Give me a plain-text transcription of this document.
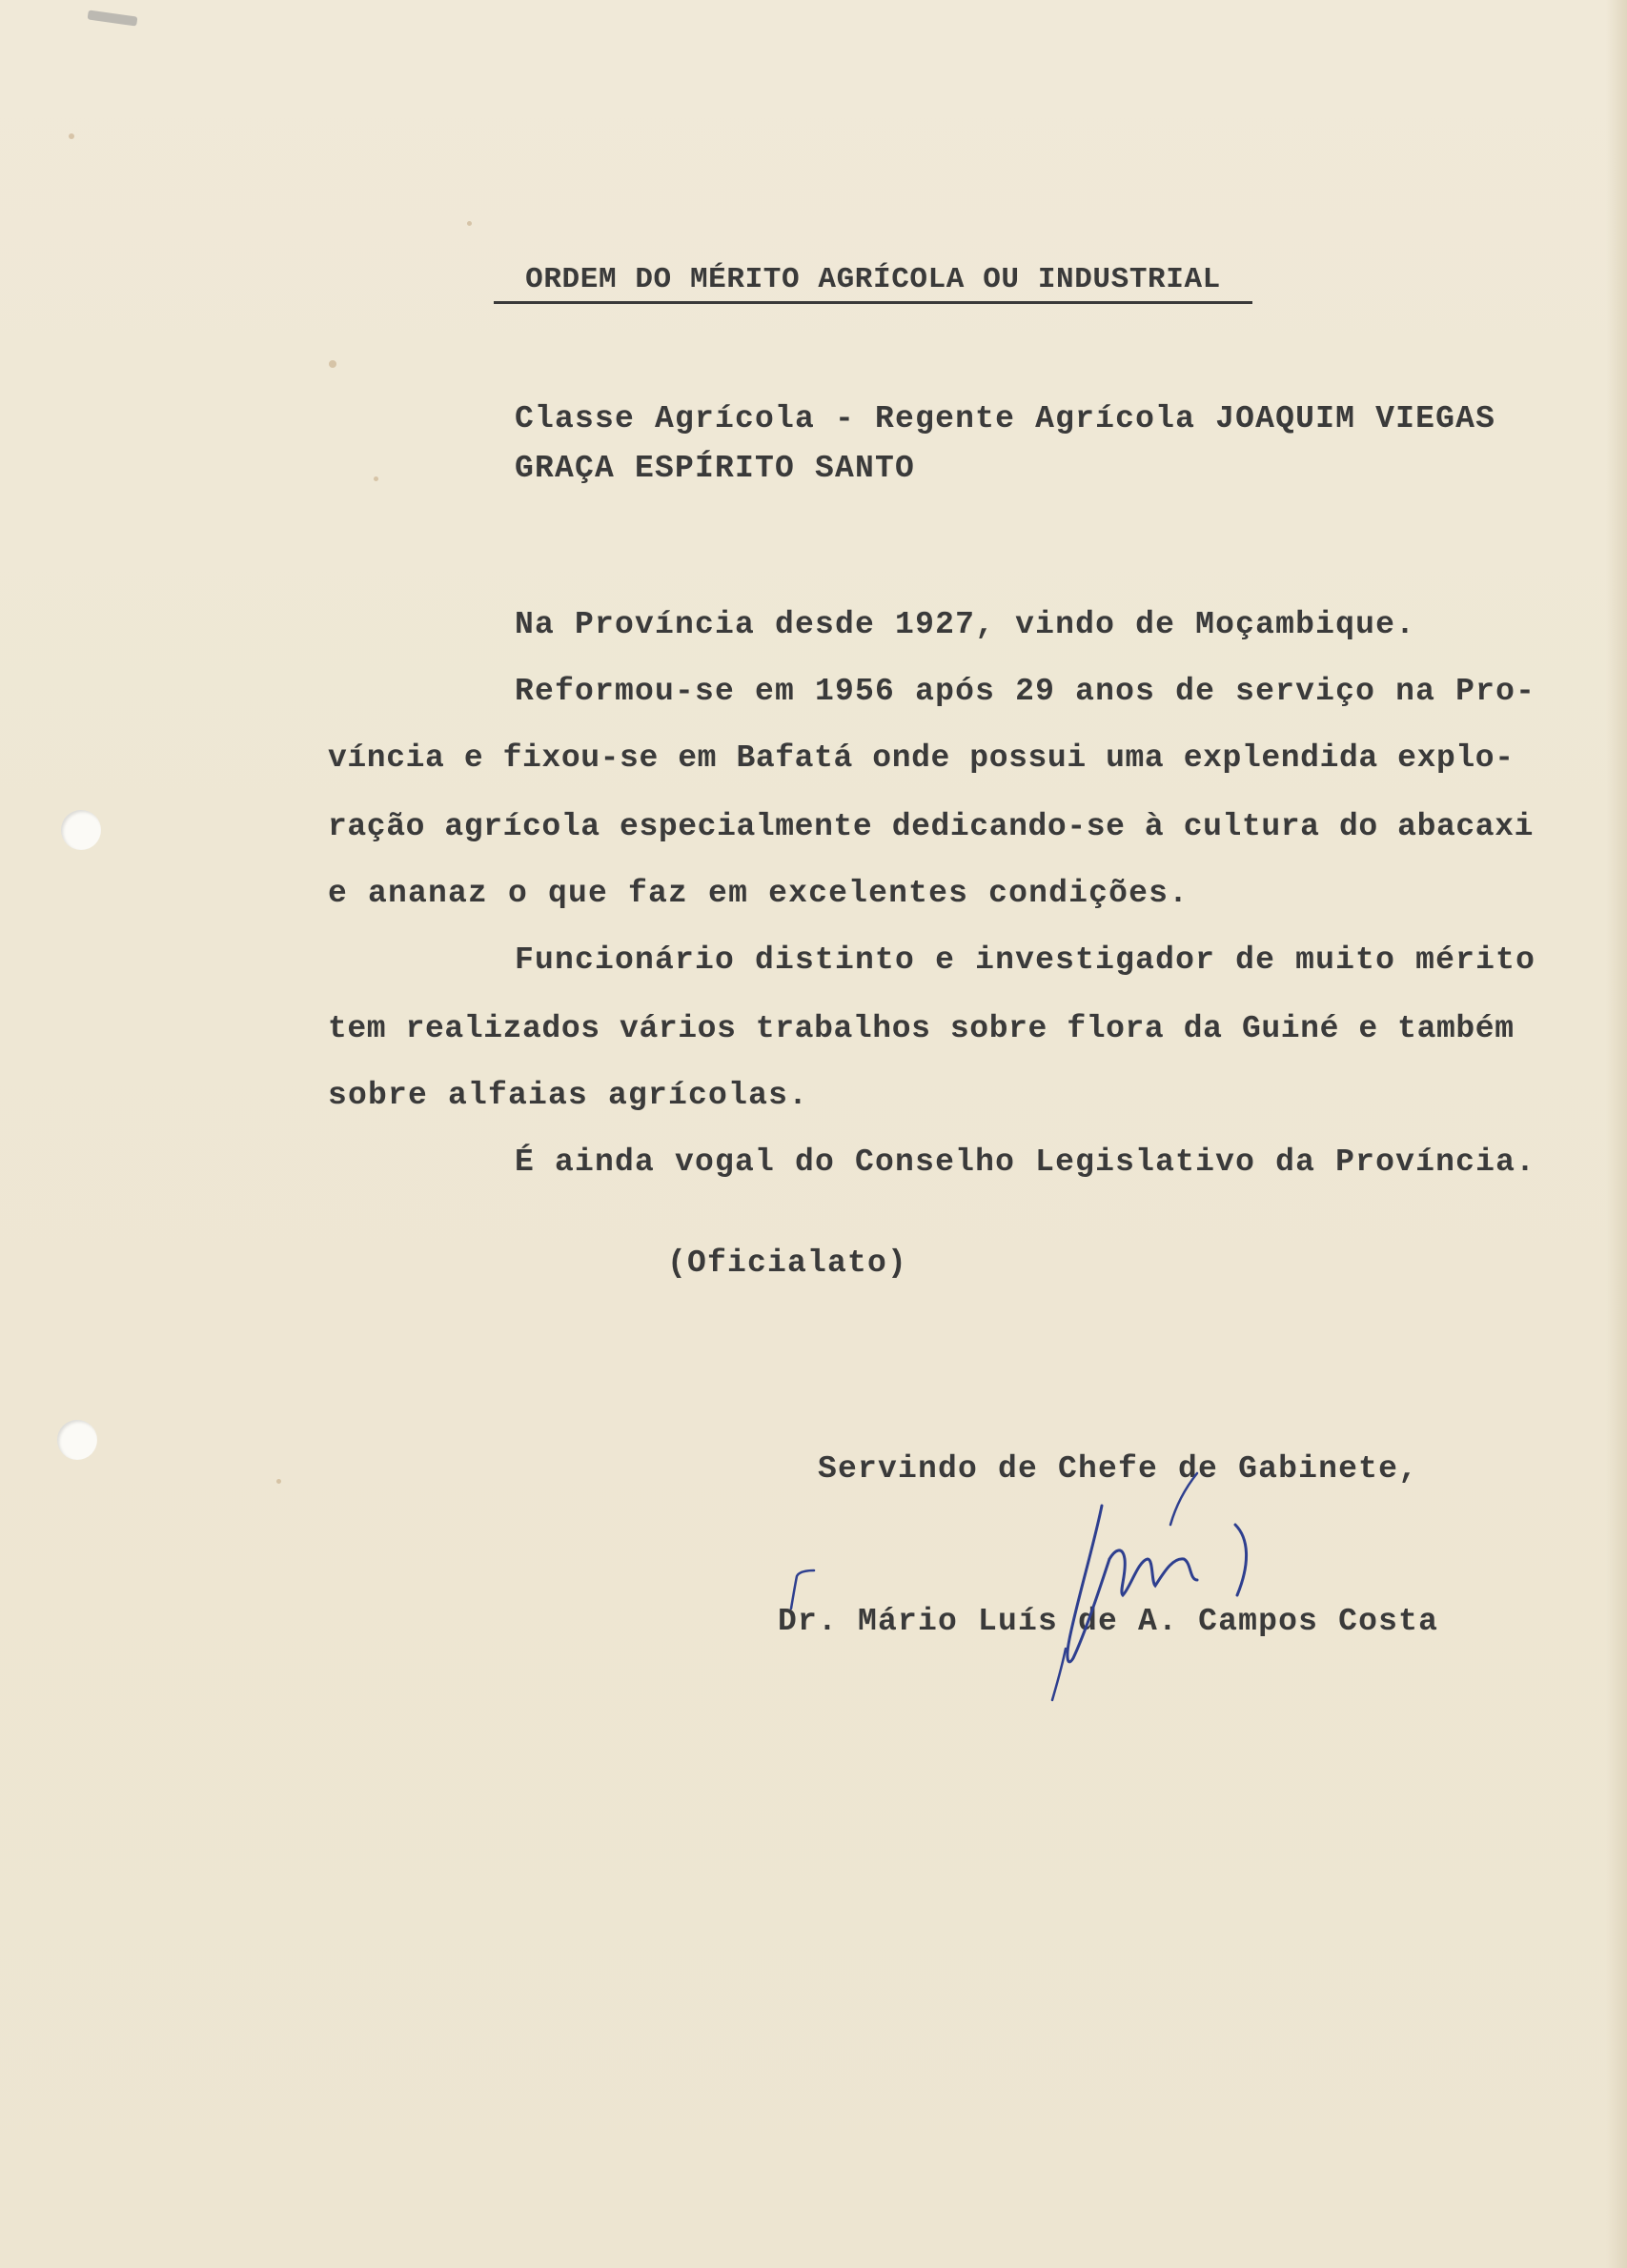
ORDEM DO MÉRITO AGRÍCOLA OU INDUSTRIAL

Classe Agrícola - Regente Agrícola JOAQUIM VIEGAS

GRAÇA ESPÍRITO SANTO

Na Província desde 1927, vindo de Moçambique.

Reformou-se em 1956 após 29 anos de serviço na Pro-

víncia e fixou-se em Bafatá onde possui uma explendida explo-

ração agrícola especialmente dedicando-se à cultura do abacaxi

e ananaz o que faz em excelentes condições.

Funcionário distinto e investigador de muito mérito

tem realizados vários trabalhos sobre flora da Guiné e também

sobre alfaias agrícolas.

É ainda vogal do Conselho Legislativo da Província.

(Oficialato)

Servindo de Chefe de Gabinete,

Dr. Mário Luís de A. Campos Costa
